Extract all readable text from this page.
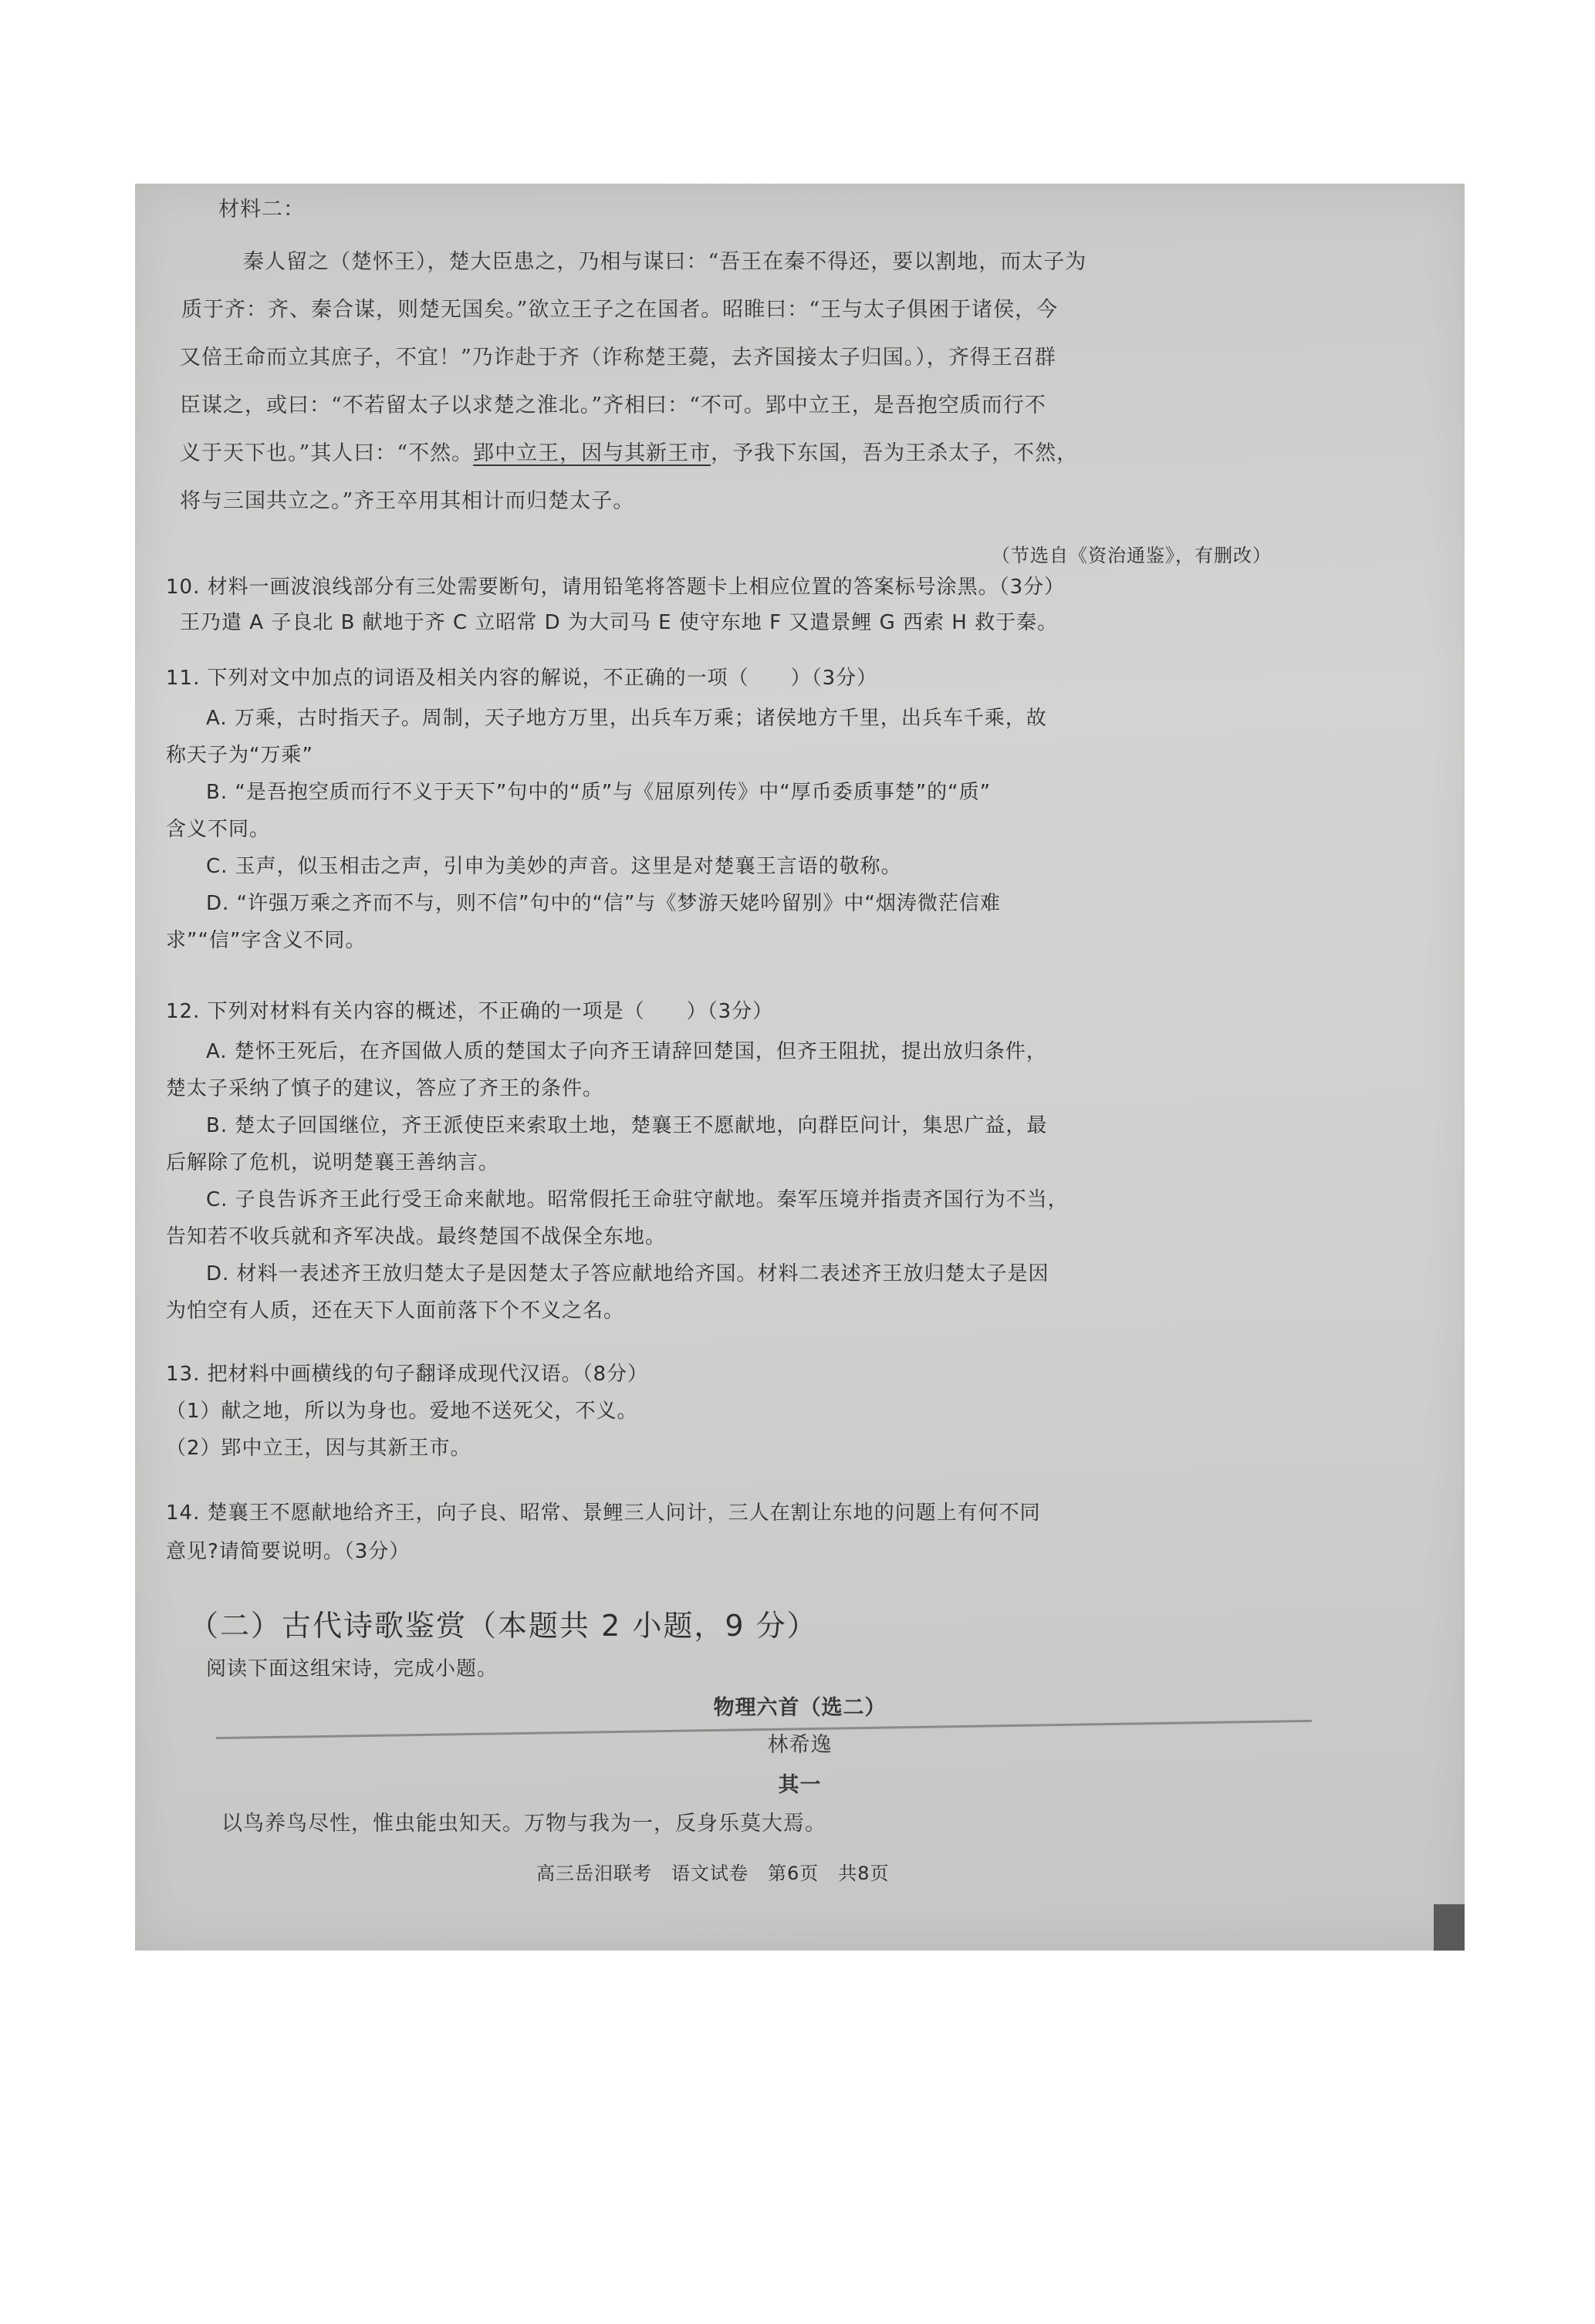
材料二：
秦人留之（楚怀王），楚大臣患之，乃相与谋曰：“吾王在秦不得还，要以割地，而太子为
质于齐：齐、秦合谋，则楚无国矣。”欲立王子之在国者。昭睢曰：“王与太子俱困于诸侯，今
又倍王命而立其庶子，不宜！”乃诈赴于齐（诈称楚王薨，去齐国接太子归国。），齐得王召群
臣谋之，或曰：“不若留太子以求楚之淮北。”齐相曰：“不可。郢中立王，是吾抱空质而行不
义于天下也。”其人曰：“不然。郢中立王，因与其新王市，予我下东国，吾为王杀太子，不然，
将与三国共立之。”齐王卒用其相计而归楚太子。
（节选自《资治通鉴》，有删改）
10. 材料一画波浪线部分有三处需要断句，请用铅笔将答题卡上相应位置的答案标号涂黑。（3分）
王乃遣 A 子良北 B 献地于齐 C 立昭常 D 为大司马 E 使守东地 F 又遣景鲤 G 西索 H 救于秦。
11. 下列对文中加点的词语及相关内容的解说，不正确的一项（　　）（3分）
A. 万乘，古时指天子。周制，天子地方万里，出兵车万乘；诸侯地方千里，出兵车千乘，故
称天子为“万乘”
B. “是吾抱空质而行不义于天下”句中的“质”与《屈原列传》中“厚币委质事楚”的“质”
含义不同。
C. 玉声，似玉相击之声，引申为美妙的声音。这里是对楚襄王言语的敬称。
D. “许强万乘之齐而不与，则不信”句中的“信”与《梦游天姥吟留别》中“烟涛微茫信难
求”“信”字含义不同。
12. 下列对材料有关内容的概述，不正确的一项是（　　）（3分）
A. 楚怀王死后，在齐国做人质的楚国太子向齐王请辞回楚国，但齐王阻扰，提出放归条件，
楚太子采纳了慎子的建议，答应了齐王的条件。
B. 楚太子回国继位，齐王派使臣来索取土地，楚襄王不愿献地，向群臣问计，集思广益，最
后解除了危机，说明楚襄王善纳言。
C. 子良告诉齐王此行受王命来献地。昭常假托王命驻守献地。秦军压境并指责齐国行为不当，
告知若不收兵就和齐军决战。最终楚国不战保全东地。
D. 材料一表述齐王放归楚太子是因楚太子答应献地给齐国。材料二表述齐王放归楚太子是因
为怕空有人质，还在天下人面前落下个不义之名。
13. 把材料中画横线的句子翻译成现代汉语。（8分）
（1）献之地，所以为身也。爱地不送死父，不义。
（2）郢中立王，因与其新王市。
14. 楚襄王不愿献地给齐王，向子良、昭常、景鲤三人问计，三人在割让东地的问题上有何不同
意见?请简要说明。（3分）
（二）古代诗歌鉴赏（本题共 2 小题，9 分）
阅读下面这组宋诗，完成小题。
物理六首（选二）
林希逸
其一
以鸟养鸟尽性，惟虫能虫知天。万物与我为一，反身乐莫大焉。
高三岳汨联考　语文试卷　第6页　共8页
